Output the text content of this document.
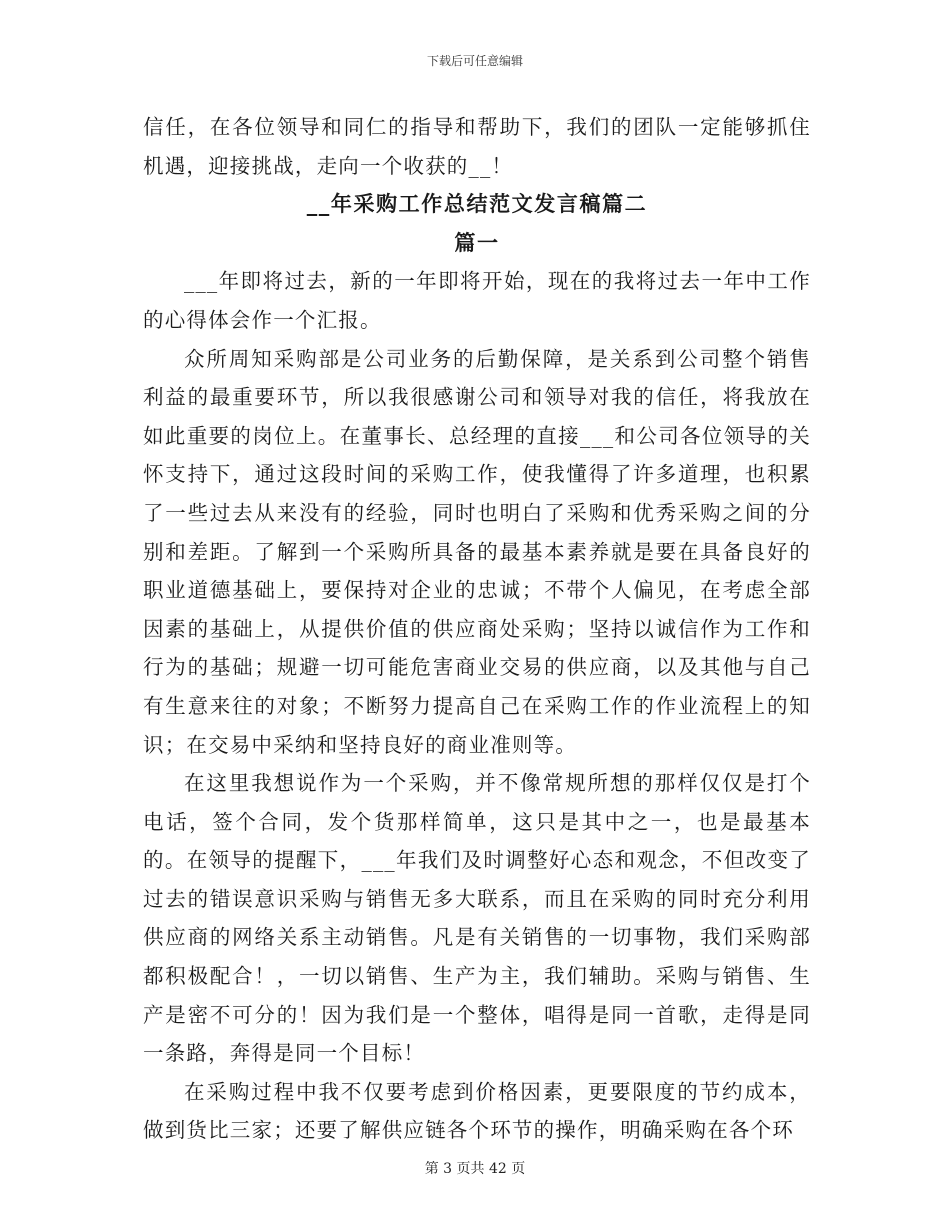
下载后可任意编辑

信任，在各位领导和同仁的指导和帮助下，我们的团队一定能够抓住机遇，迎接挑战，走向一个收获的__！

__年采购工作总结范文发言稿篇二
篇一

___年即将过去，新的一年即将开始，现在的我将过去一年中工作的心得体会作一个汇报。

众所周知采购部是公司业务的后勤保障，是关系到公司整个销售利益的最重要环节，所以我很感谢公司和领导对我的信任，将我放在如此重要的岗位上。在董事长、总经理的直接___和公司各位领导的关怀支持下，通过这段时间的采购工作，使我懂得了许多道理，也积累了一些过去从来没有的经验，同时也明白了采购和优秀采购之间的分别和差距。了解到一个采购所具备的最基本素养就是要在具备良好的职业道德基础上，要保持对企业的忠诚；不带个人偏见，在考虑全部因素的基础上，从提供价值的供应商处采购；坚持以诚信作为工作和行为的基础；规避一切可能危害商业交易的供应商，以及其他与自己有生意来往的对象；不断努力提高自己在采购工作的作业流程上的知识；在交易中采纳和坚持良好的商业准则等。

在这里我想说作为一个采购，并不像常规所想的那样仅仅是打个电话，签个合同，发个货那样简单，这只是其中之一，也是最基本的。在领导的提醒下，___年我们及时调整好心态和观念，不但改变了过去的错误意识采购与销售无多大联系，而且在采购的同时充分利用供应商的网络关系主动销售。凡是有关销售的一切事物，我们采购部都积极配合！，一切以销售、生产为主，我们辅助。采购与销售、生产是密不可分的！因为我们是一个整体，唱得是同一首歌，走得是同一条路，奔得是同一个目标！

在采购过程中我不仅要考虑到价格因素，更要限度的节约成本，做到货比三家；还要了解供应链各个环节的操作，明确采购在各个环

第 3 页共 42 页
